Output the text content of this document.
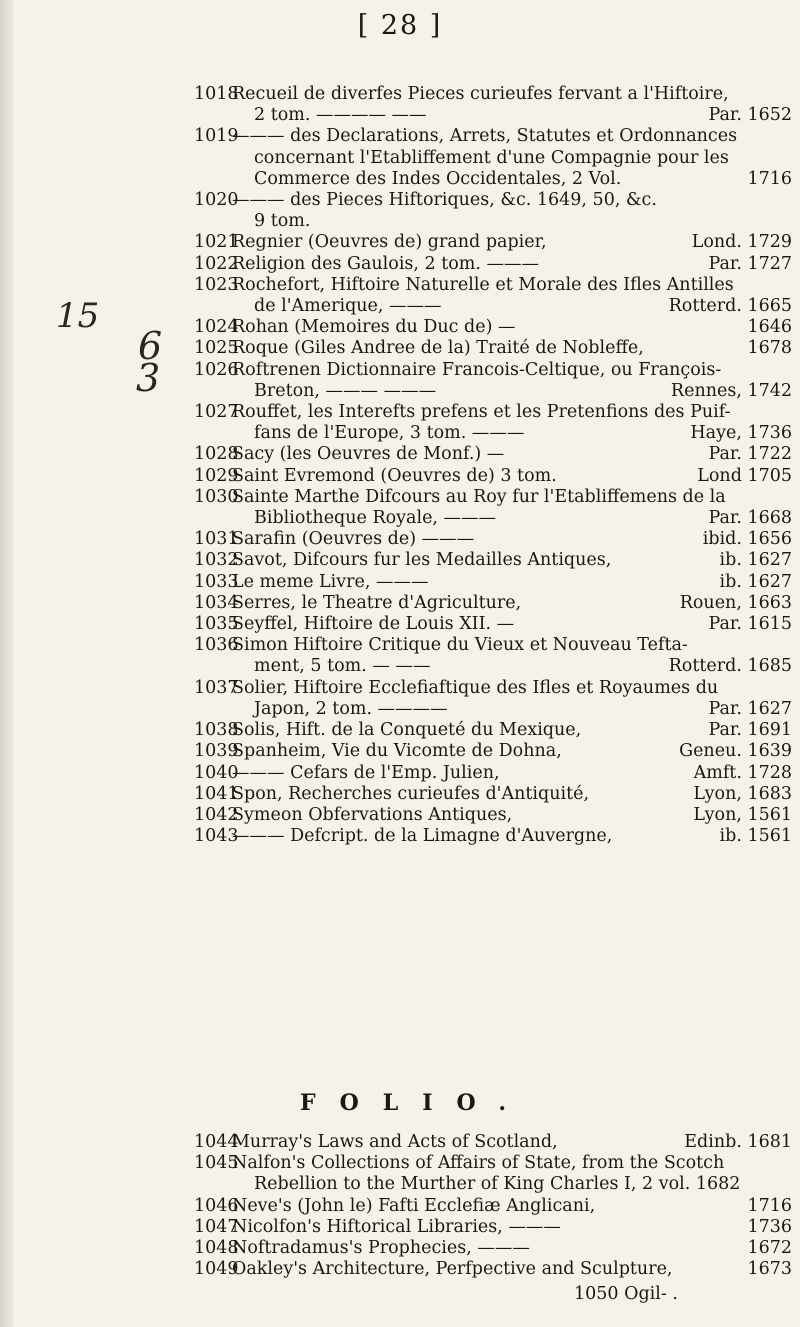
15
6
3
[ 28 ]
1018
Recueil de diverfes Pieces curieufes fervant a l'Hiftoire,
2 tom. ———— ——	Par. 1652
1019
——— des Declarations, Arrets, Statutes et Ordonnances
concernant l'Etabliffement d'une Compagnie pour les
Commerce des Indes Occidentales, 2 Vol.	1716
1020
——— des Pieces Hiftoriques, &c. 1649, 50, &c.
9 tom.
1021
Regnier (Oeuvres de) grand papier,	Lond. 1729
1022
Religion des Gaulois, 2 tom. ———	Par. 1727
1023
Rochefort, Hiftoire Naturelle et Morale des Ifles Antilles
de l'Amerique, ———	Rotterd. 1665
1024
Rohan (Memoires du Duc de) —	1646
1025
Roque (Giles Andree de la) Traité de Nobleffe,	1678
1026
Roftrenen Dictionnaire Francois-Celtique, ou François-
Breton, ——— ———	Rennes, 1742
1027
Rouffet, les Interefts prefens et les Pretenfions des Puif-
fans de l'Europe, 3 tom. ———	Haye, 1736
1028
Sacy (les Oeuvres de Monf.) —	Par. 1722
1029
Saint Evremond (Oeuvres de) 3 tom.	Lond 1705
1030
Sainte Marthe Difcours au Roy fur l'Etabliffemens de la
Bibliotheque Royale, ———	Par. 1668
1031
Sarafin (Oeuvres de) ———	ibid. 1656
1032
Savot, Difcours fur les Medailles Antiques,	ib. 1627
1033
Le meme Livre, ———	ib. 1627
1034
Serres, le Theatre d'Agriculture,	Rouen, 1663
1035
Seyffel, Hiftoire de Louis XII. —	Par. 1615
1036
Simon Hiftoire Critique du Vieux et Nouveau Tefta-
ment, 5 tom. — ——	Rotterd. 1685
1037
Solier, Hiftoire Ecclefiaftique des Ifles et Royaumes du
Japon, 2 tom. ————	Par. 1627
1038
Solis, Hift. de la Conqueté du Mexique,	Par. 1691
1039
Spanheim, Vie du Vicomte de Dohna,	Geneu. 1639
1040
——— Cefars de l'Emp. Julien,	Amft. 1728
1041
Spon, Recherches curieufes d'Antiquité,	Lyon, 1683
1042
Symeon Obfervations Antiques,	Lyon, 1561
1043
——— Defcript. de la Limagne d'Auvergne,	ib. 1561
FOLIO.
1044
Murray's Laws and Acts of Scotland,	Edinb. 1681
1045
Nalfon's Collections of Affairs of State, from the Scotch
Rebellion to the Murther of King Charles I, 2 vol. 1682
1046
Neve's (John le) Fafti Ecclefiæ Anglicani,	1716
1047
Nicolfon's Hiftorical Libraries, ———	1736
1048
Noftradamus's Prophecies, ———	1672
1049
Oakley's Architecture, Perfpective and Sculpture,	1673
1050 Ogil- .
